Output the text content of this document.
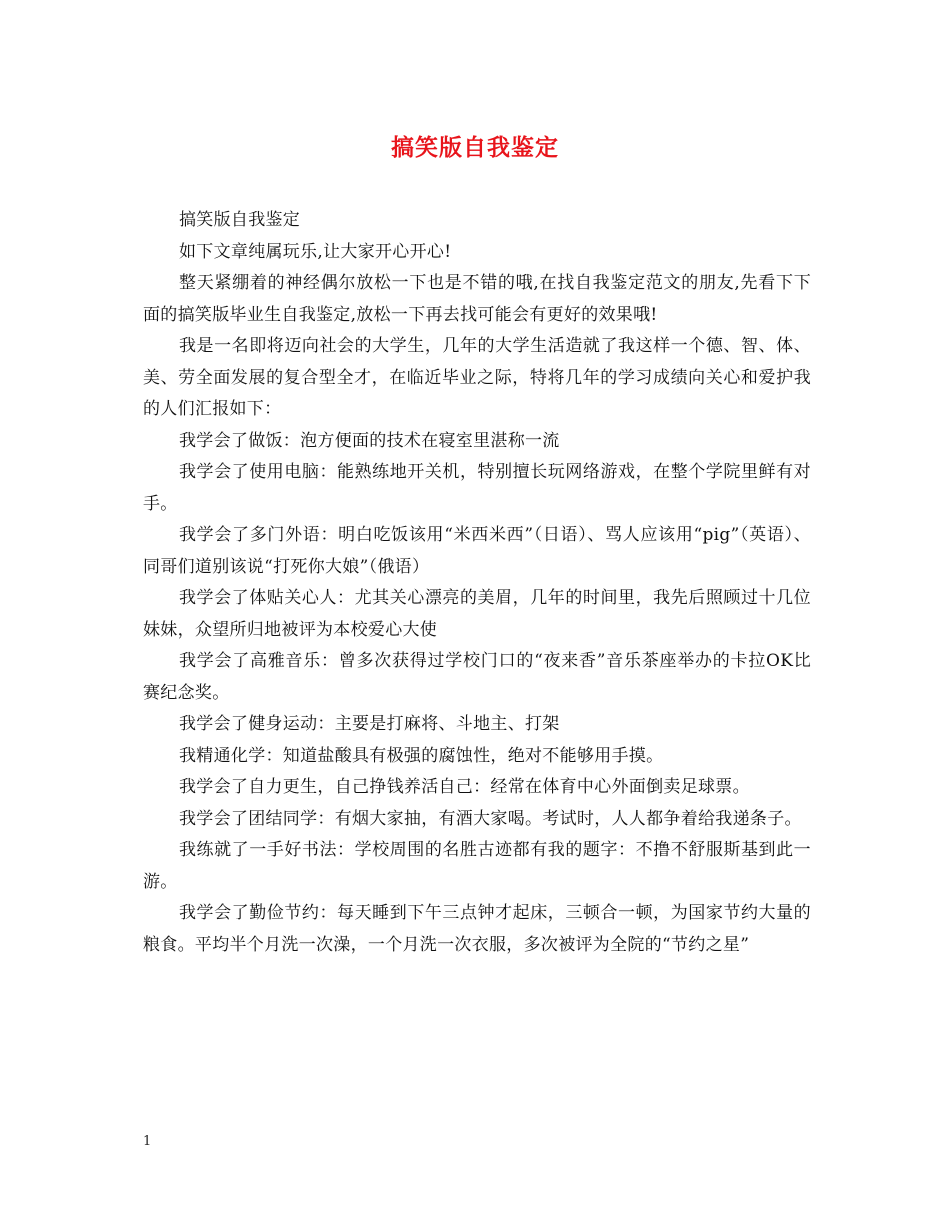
搞笑版自我鉴定

搞笑版自我鉴定

如下文章纯属玩乐,让大家开心开心!

整天紧绷着的神经偶尔放松一下也是不错的哦,在找自我鉴定范文的朋友,先看下下面的搞笑版毕业生自我鉴定,放松一下再去找可能会有更好的效果哦!

我是一名即将迈向社会的大学生，几年的大学生活造就了我这样一个德、智、体、美、劳全面发展的复合型全才，在临近毕业之际，特将几年的学习成绩向关心和爱护我的人们汇报如下：

我学会了做饭：泡方便面的技术在寝室里湛称一流

我学会了使用电脑：能熟练地开关机，特别擅长玩网络游戏，在整个学院里鲜有对手。

我学会了多门外语：明白吃饭该用“米西米西”（日语）、骂人应该用“pig”（英语）、同哥们道别该说“打死你大娘”（俄语）

我学会了体贴关心人：尤其关心漂亮的美眉，几年的时间里，我先后照顾过十几位妹妹，众望所归地被评为本校爱心大使

我学会了高雅音乐：曾多次获得过学校门口的“夜来香”音乐茶座举办的卡拉OK比赛纪念奖。

我学会了健身运动：主要是打麻将、斗地主、打架

我精通化学：知道盐酸具有极强的腐蚀性，绝对不能够用手摸。

我学会了自力更生，自己挣钱养活自己：经常在体育中心外面倒卖足球票。

我学会了团结同学：有烟大家抽，有酒大家喝。考试时，人人都争着给我递条子。

我练就了一手好书法：学校周围的名胜古迹都有我的题字：不撸不舒服斯基到此一游。

我学会了勤俭节约：每天睡到下午三点钟才起床，三顿合一顿，为国家节约大量的粮食。平均半个月洗一次澡，一个月洗一次衣服，多次被评为全院的“节约之星”

1
